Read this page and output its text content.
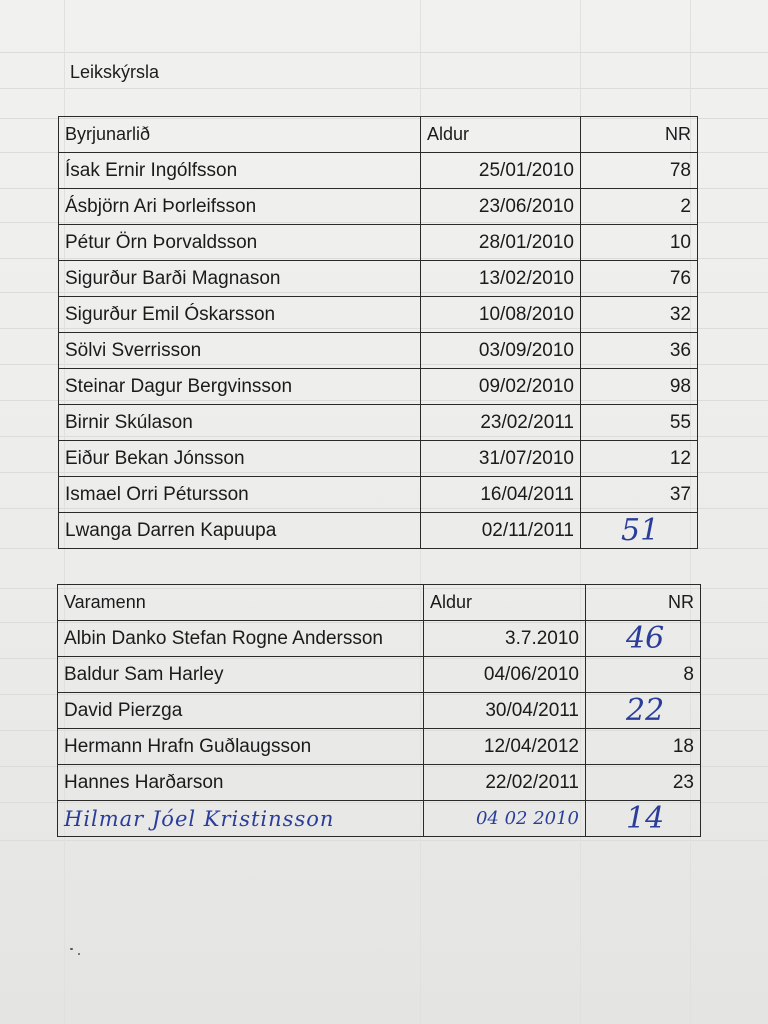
Leikskýrsla
Byrjunarlið	Aldur	NR
Ísak Ernir Ingólfsson	25/01/2010	78
Ásbjörn Ari Þorleifsson	23/06/2010	2
Pétur Örn Þorvaldsson	28/01/2010	10
Sigurður Barði Magnason	13/02/2010	76
Sigurður Emil Óskarsson	10/08/2010	32
Sölvi Sverrisson	03/09/2010	36
Steinar Dagur Bergvinsson	09/02/2010	98
Birnir Skúlason	23/02/2011	55
Eiður Bekan Jónsson	31/07/2010	12
Ismael Orri Pétursson	16/04/2011	37
Lwanga Darren Kapuupa	02/11/2011	51
Varamenn	Aldur	NR
Albin Danko Stefan Rogne Andersson	3.7.2010	46
Baldur Sam Harley	04/06/2010	8
David Pierzga	30/04/2011	22
Hermann Hrafn Guðlaugsson	12/04/2012	18
Hannes Harðarson	22/02/2011	23
Hilmar Jóel Kristinsson	04 02 2010	14
